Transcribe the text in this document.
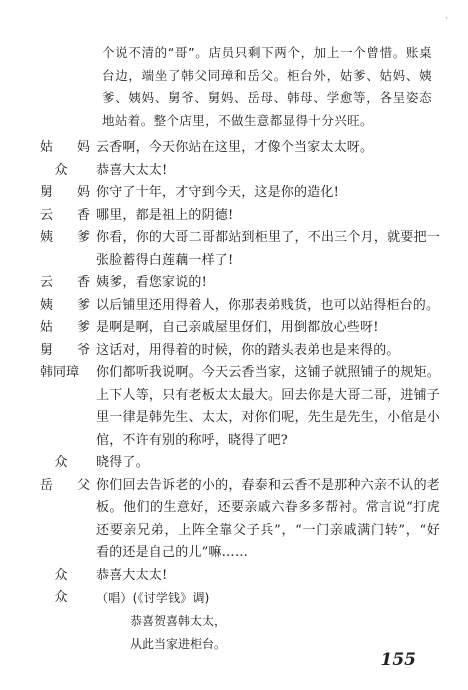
·
个说不清的“哥”。店员只剩下两个，加上一个曾惜。账桌台边，端坐了韩父同璋和岳父。柜台外，姑爹、姑妈、姨爹、姨妈、舅爷、舅妈、岳母、韩母、学愈等，各呈姿态地站着。整个店里，不做生意都显得十分兴旺。
姑 妈 云香啊，今天你站在这里，才像个当家太太呀。
众 恭喜大太太!
舅 妈 你守了十年，才守到今天，这是你的造化!
云 香 哪里，都是祖上的阴德!
姨 爹 你看，你的大哥二哥都站到柜里了，不出三个月，就要把一张脸蓄得白莲藕一样了!
云 香 姨爹，看您家说的!
姨 爹 以后铺里还用得着人，你那表弟贱货，也可以站得柜台的。
姑 爹 是啊是啊，自己亲戚屋里伢们，用倒都放心些呀!
舅 爷 这话对，用得着的时候，你的踏头表弟也是来得的。
韩同璋 你们都听我说啊。今天云香当家，这铺子就照铺子的规矩。上下人等，只有老板太太最大。回去你是大哥二哥，进铺子里一律是韩先生、太太，对你们呢，先生是先生，小倌是小倌，不许有别的称呼，晓得了吧?
众 晓得了。
岳 父 你们回去告诉老的小的，春泰和云香不是那种六亲不认的老板。他们的生意好，还要亲戚六眷多多帮衬。常言说“打虎还要亲兄弟，上阵全靠父子兵”，“一门亲戚满门转”，“好看的还是自己的儿”嘛……
众 恭喜大太太!
众 （唱）(《讨学钱》调)
恭喜贺喜韩太太，
从此当家进柜台。
155
